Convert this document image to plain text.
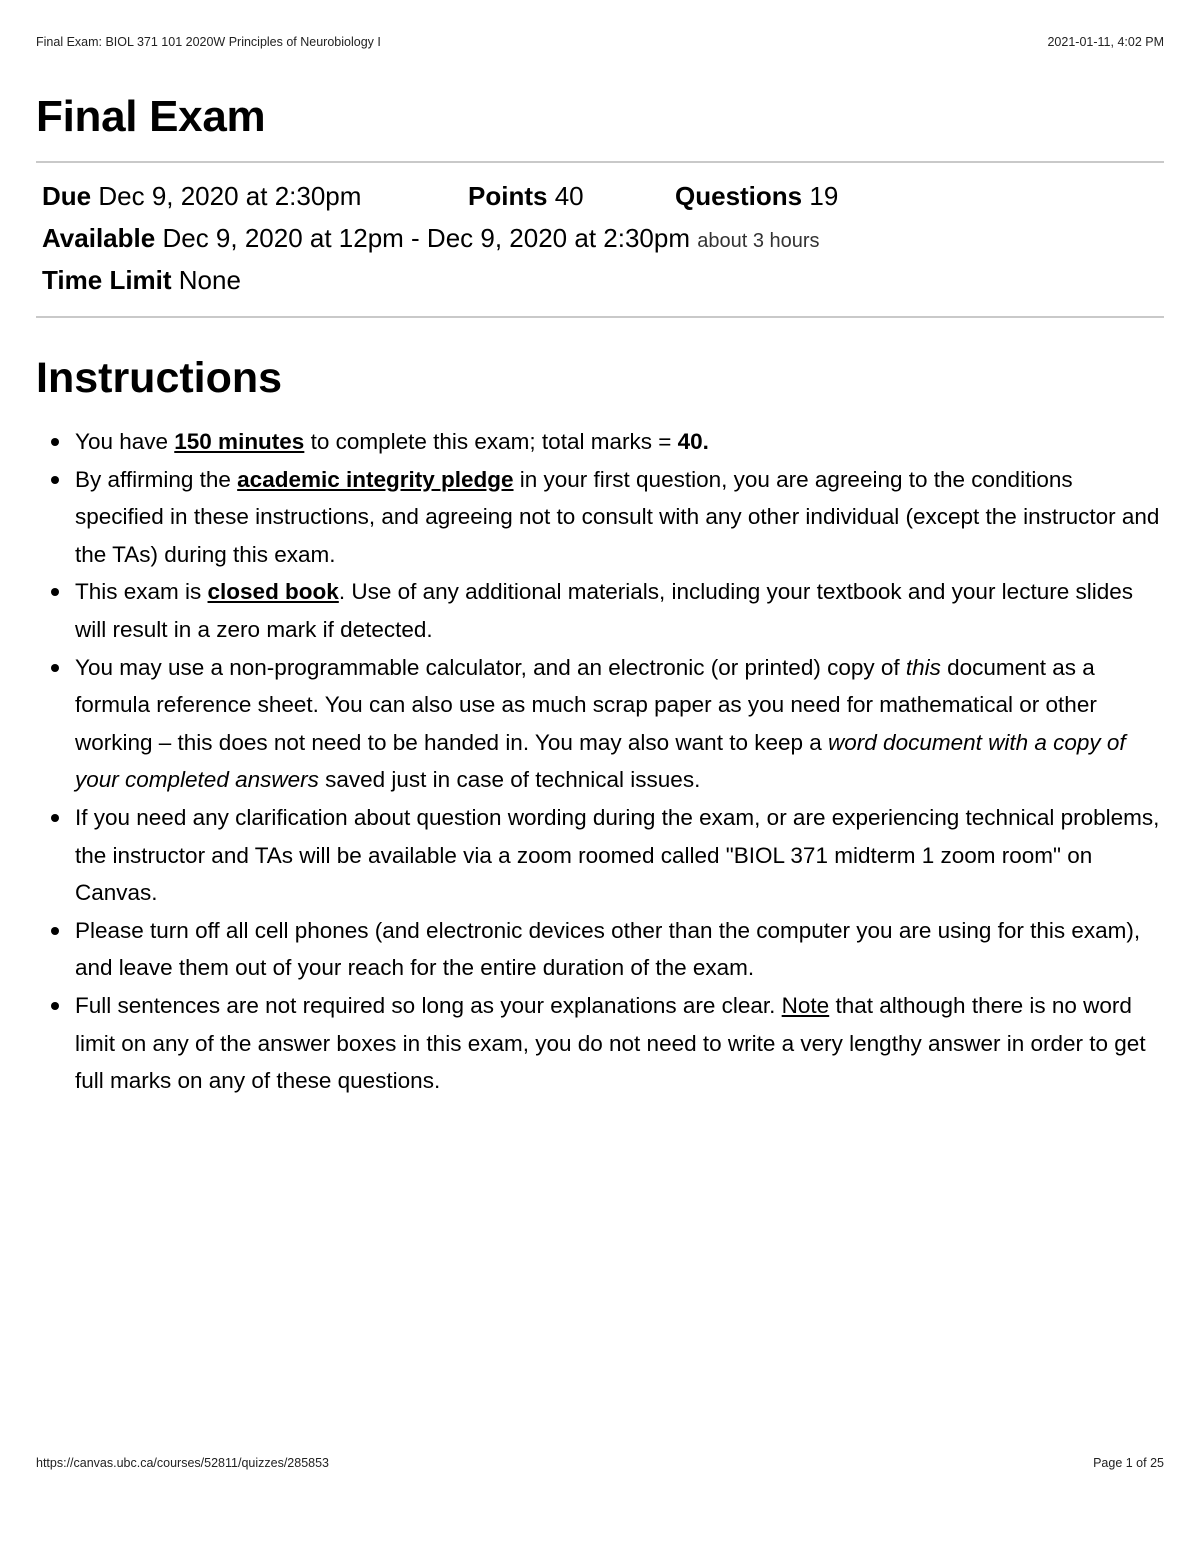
Final Exam: BIOL 371 101 2020W Principles of Neurobiology I	2021-01-11, 4:02 PM
Final Exam
Due Dec 9, 2020 at 2:30pm	Points 40	Questions 19
Available Dec 9, 2020 at 12pm - Dec 9, 2020 at 2:30pm about 3 hours
Time Limit None
Instructions
You have 150 minutes to complete this exam; total marks = 40.
By affirming the academic integrity pledge in your first question, you are agreeing to the conditions specified in these instructions, and agreeing not to consult with any other individual (except the instructor and the TAs) during this exam.
This exam is closed book. Use of any additional materials, including your textbook and your lecture slides will result in a zero mark if detected.
You may use a non-programmable calculator, and an electronic (or printed) copy of this document as a formula reference sheet. You can also use as much scrap paper as you need for mathematical or other working – this does not need to be handed in. You may also want to keep a word document with a copy of your completed answers saved just in case of technical issues.
If you need any clarification about question wording during the exam, or are experiencing technical problems, the instructor and TAs will be available via a zoom roomed called "BIOL 371 midterm 1 zoom room" on Canvas.
Please turn off all cell phones (and electronic devices other than the computer you are using for this exam), and leave them out of your reach for the entire duration of the exam.
Full sentences are not required so long as your explanations are clear. Note that although there is no word limit on any of the answer boxes in this exam, you do not need to write a very lengthy answer in order to get full marks on any of these questions.
https://canvas.ubc.ca/courses/52811/quizzes/285853	Page 1 of 25
